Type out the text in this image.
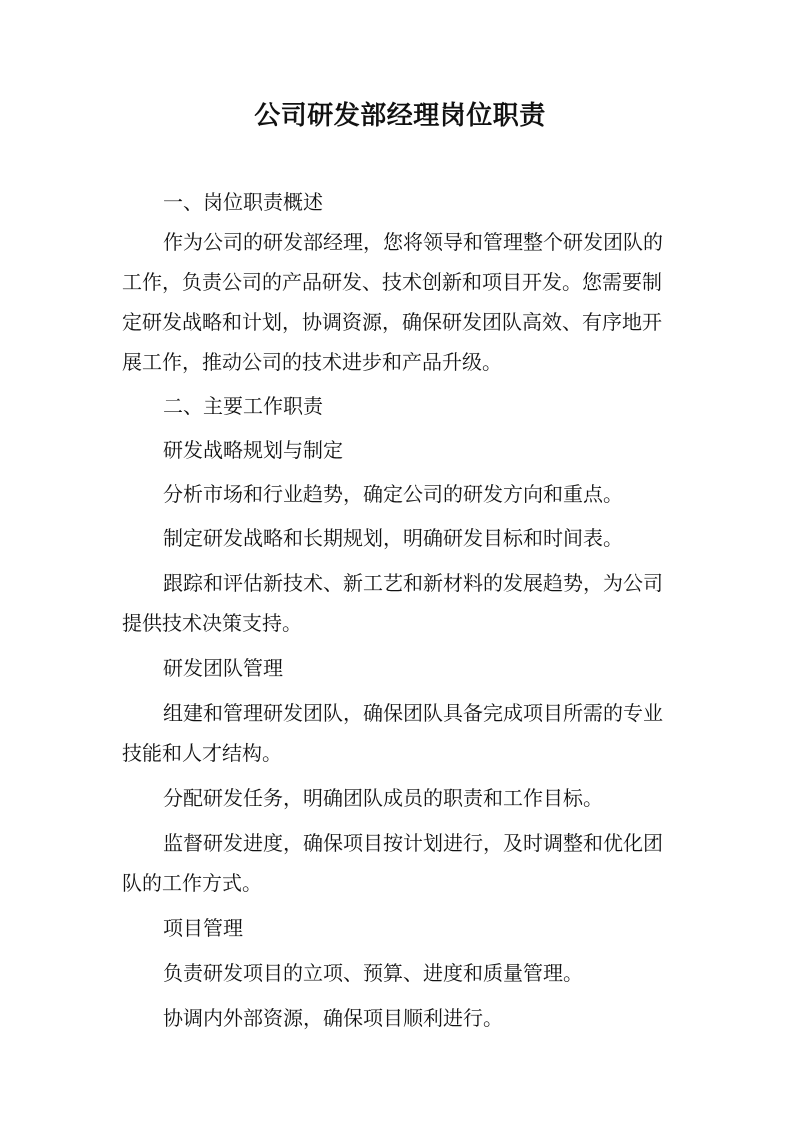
公司研发部经理岗位职责

一、岗位职责概述

作为公司的研发部经理，您将领导和管理整个研发团队的工作，负责公司的产品研发、技术创新和项目开发。您需要制定研发战略和计划，协调资源，确保研发团队高效、有序地开展工作，推动公司的技术进步和产品升级。

二、主要工作职责

研发战略规划与制定

分析市场和行业趋势，确定公司的研发方向和重点。

制定研发战略和长期规划，明确研发目标和时间表。

跟踪和评估新技术、新工艺和新材料的发展趋势，为公司提供技术决策支持。

研发团队管理

组建和管理研发团队，确保团队具备完成项目所需的专业技能和人才结构。

分配研发任务，明确团队成员的职责和工作目标。

监督研发进度，确保项目按计划进行，及时调整和优化团队的工作方式。

项目管理

负责研发项目的立项、预算、进度和质量管理。

协调内外部资源，确保项目顺利进行。
